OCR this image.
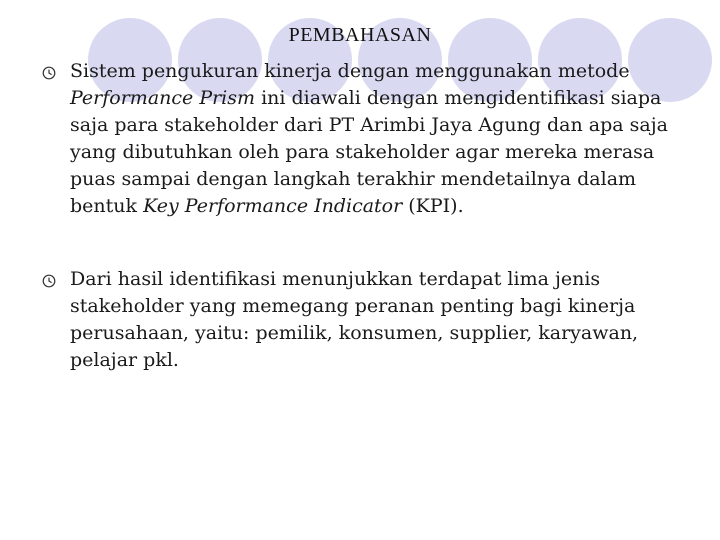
PEMBAHASAN
Sistem pengukuran kinerja dengan menggunakan metode Performance Prism ini diawali dengan mengidentifikasi siapa saja para stakeholder dari PT Arimbi Jaya Agung dan apa saja yang dibutuhkan oleh para stakeholder agar mereka merasa puas sampai dengan langkah terakhir mendetailnya dalam bentuk Key Performance Indicator (KPI).
Dari hasil identifikasi menunjukkan terdapat lima jenis stakeholder yang memegang peranan penting bagi kinerja perusahaan, yaitu: pemilik, konsumen, supplier, karyawan, pelajar pkl.
